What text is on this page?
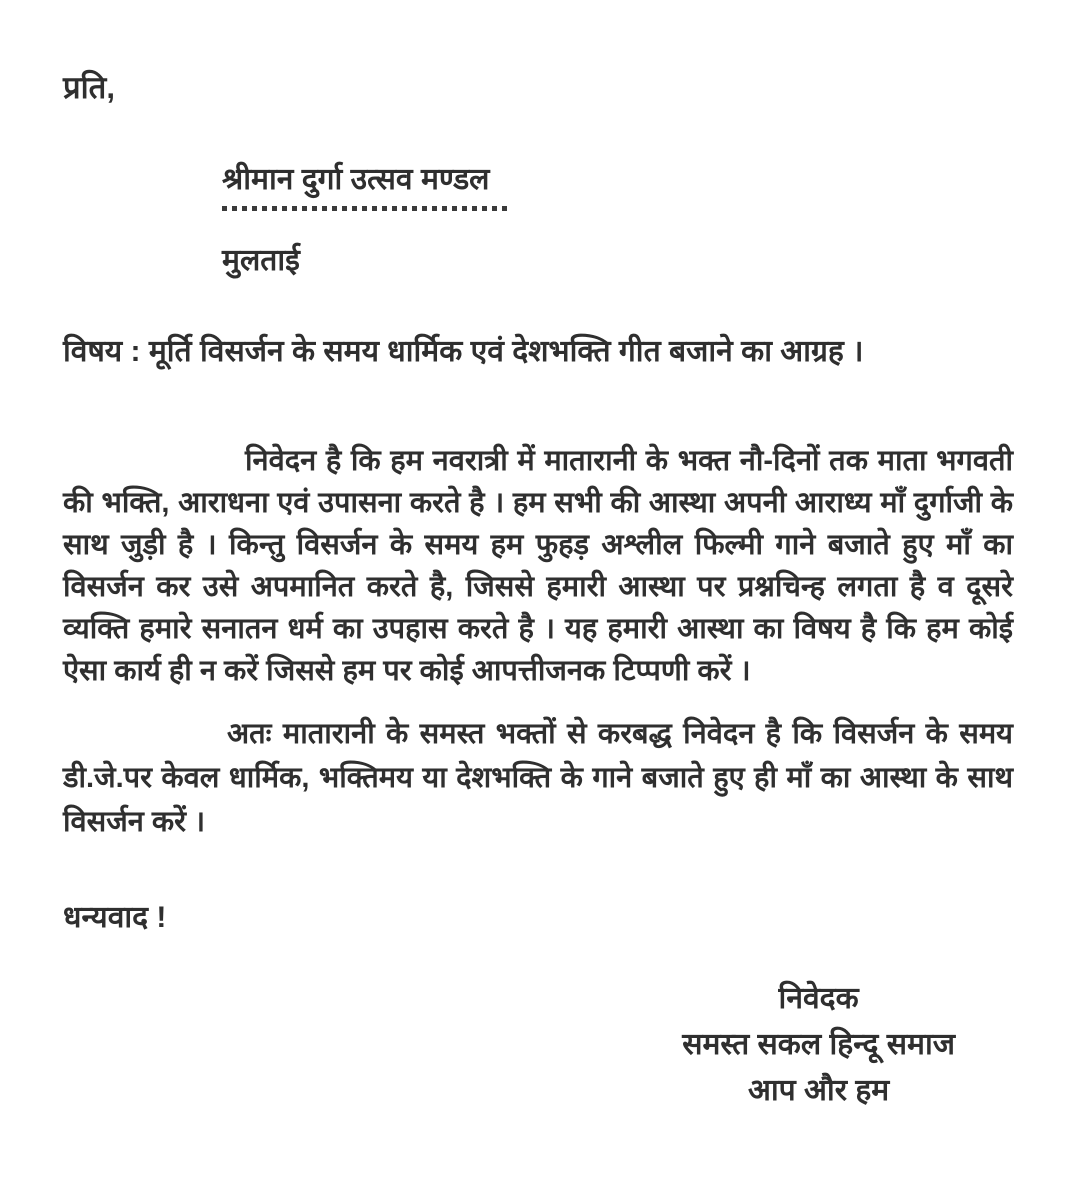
प्रति,
श्रीमान दुर्गा उत्सव मण्डल
मुलताई
विषय : मूर्ति विसर्जन के समय धार्मिक एवं देशभक्ति गीत बजाने का आग्रह ।
निवेदन है कि हम नवरात्री में मातारानी के भक्त नौ-दिनों तक माता भगवती की भक्ति, आराधना एवं उपासना करते है । हम सभी की आस्था अपनी आराध्य माँ दुर्गाजी के साथ जुड़ी है । किन्तु विसर्जन के समय हम फुहड़ अश्लील फिल्मी गाने बजाते हुए माँ का विसर्जन कर उसे अपमानित करते है, जिससे हमारी आस्था पर प्रश्नचिन्ह लगता है व दूसरे व्यक्ति हमारे सनातन धर्म का उपहास करते है । यह हमारी आस्था का विषय है कि हम कोई ऐसा कार्य ही न करें जिससे हम पर कोई आपत्तीजनक टिप्पणी करें ।
अतः मातारानी के समस्त भक्तों से करबद्ध निवेदन है कि विसर्जन के समय डी.जे.पर केवल धार्मिक, भक्तिमय या देशभक्ति के गाने बजाते हुए ही माँ का आस्था के साथ विसर्जन करें ।
धन्यवाद !
निवेदक
समस्त सकल हिन्दू समाज
आप और हम
